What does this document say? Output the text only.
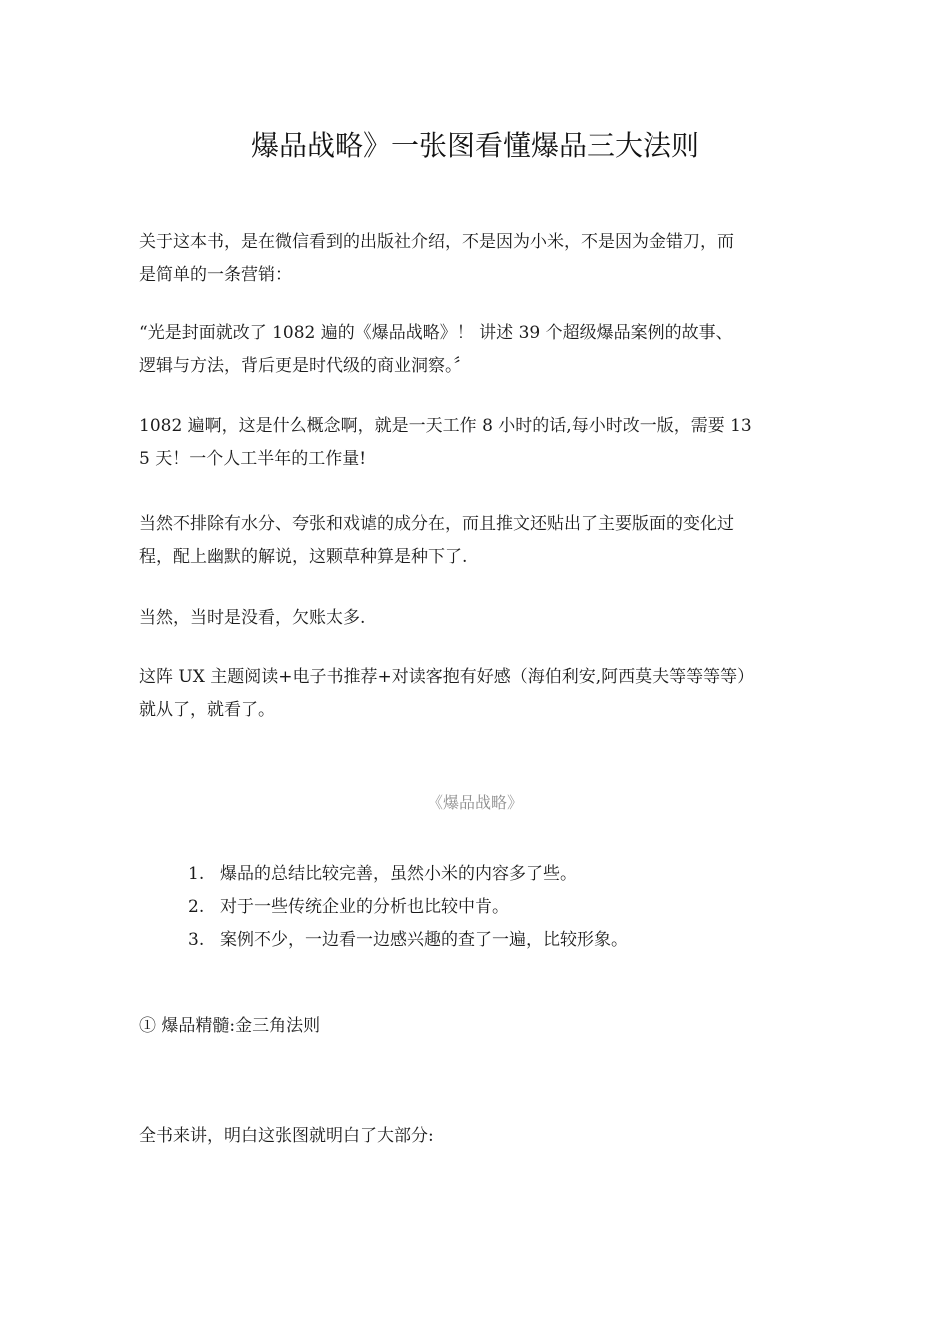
爆品战略》一张图看懂爆品三大法则

关于这本书，是在微信看到的出版社介绍，不是因为小米，不是因为金错刀，而
是简单的一条营销：

“光是封面就改了 1082 遍的《爆品战略》！ 讲述 39 个超级爆品案例的故事、
逻辑与方法，背后更是时代级的商业洞察。〞

1082 遍啊，这是什么概念啊，就是一天工作 8 小时的话,每小时改一版，需要 13
5 天！一个人工半年的工作量!

当然不排除有水分、夸张和戏谑的成分在，而且推文还贴出了主要版面的变化过
程，配上幽默的解说，这颗草种算是种下了.

当然，当时是没看，欠账太多.

这阵 UX 主题阅读+电子书推荐+对读客抱有好感（海伯利安,阿西莫夫等等等等）
就从了，就看了。

《爆品战略》

1. 爆品的总结比较完善，虽然小米的内容多了些。
2. 对于一些传统企业的分析也比较中肯。
3. 案例不少，一边看一边感兴趣的查了一遍，比较形象。

① 爆品精髓:金三角法则

全书来讲，明白这张图就明白了大部分:
